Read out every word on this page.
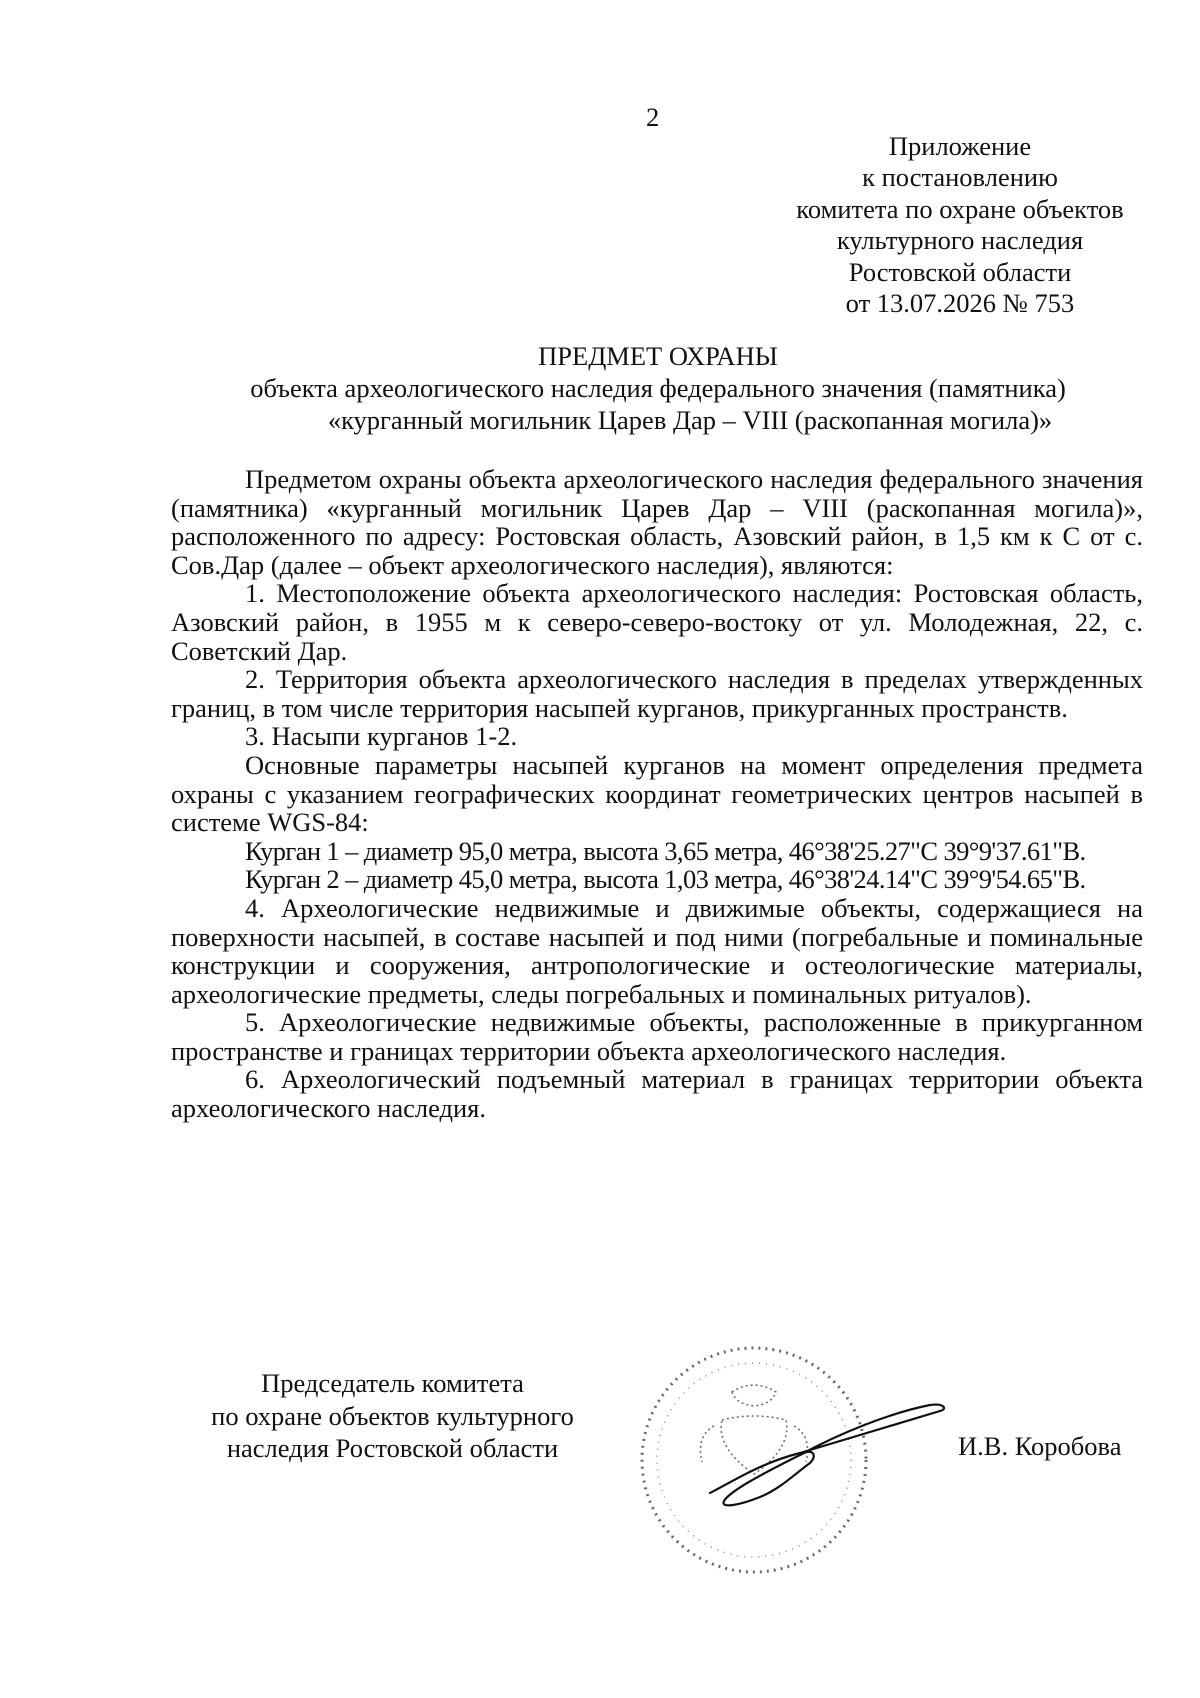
2
Приложение
к постановлению
комитета по охране объектов
культурного наследия
Ростовской области
от 13.07.2026 № 753
ПРЕДМЕТ ОХРАНЫ
объекта археологического наследия федерального значения (памятника)
«курганный могильник Царев Дар – VIII (раскопанная могила)»

Предметом охраны объекта археологического наследия федерального значения (памятника) «курганный могильник Царев Дар – VIII (раскопанная могила)», расположенного по адресу: Ростовская область, Азовский район, в 1,5 км к С от с. Сов.Дар (далее – объект археологического наследия), являются:

1. Местоположение объекта археологического наследия: Ростовская область, Азовский район, в 1955 м к северо-северо-востоку от ул. Молодежная, 22, с. Советский Дар.

2. Территория объекта археологического наследия в пределах утвержденных границ, в том числе территория насыпей курганов, прикурганных пространств.

3. Насыпи курганов 1-2.

Основные параметры насыпей курганов на момент определения предмета охраны с указанием географических координат геометрических центров насыпей в системе WGS-84:

Курган 1 – диаметр 95,0 метра, высота 3,65 метра, 46°38'25.27"С 39°9'37.61"В.

Курган 2 – диаметр 45,0 метра, высота 1,03 метра, 46°38'24.14"С 39°9'54.65"В.

4. Археологические недвижимые и движимые объекты, содержащиеся на поверхности насыпей, в составе насыпей и под ними (погребальные и поминальные конструкции и сооружения, антропологические и остеологические материалы, археологические предметы, следы погребальных и поминальных ритуалов).

5. Археологические недвижимые объекты, расположенные в прикурганном пространстве и границах территории объекта археологического наследия.

6. Археологический подъемный материал в границах территории объекта археологического наследия.

Председатель комитета
по охране объектов культурного
наследия Ростовской области	И.В. Коробова
